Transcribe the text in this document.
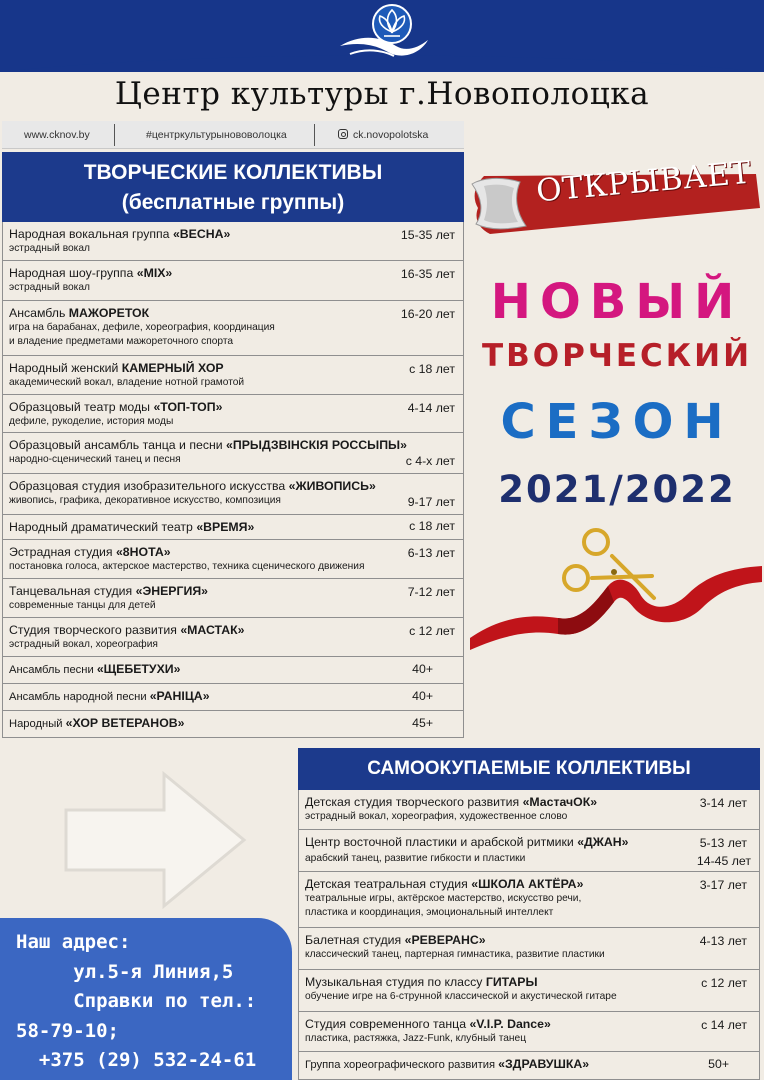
Центр культуры г.Новополоцка
www.cknov.by	#центркультурынововолоцка	ck.novopolotska
ТВОРЧЕСКИЕ КОЛЛЕКТИВЫ
(бесплатные группы)
Народная вокальная группа «ВЕСНА»
эстрадный вокал
15-35 лет
Народная шоу-группа «MIX»
эстрадный вокал
16-35 лет
Ансамбль МАЖОРЕТОК
игра на барабанах, дефиле, хореография, координация
и владение предметами мажореточного спорта
16-20 лет
Народный женский КАМЕРНЫЙ ХОР
академический вокал, владение нотной грамотой
с 18 лет
Образцовый театр моды «ТОП-ТОП»
дефиле, рукоделие, история моды
4-14 лет
Образцовый ансамбль танца и песни «ПРЫДЗВІНСКІЯ РОССЫПЫ»
народно-сценический танец и песня	с 4-х лет
Образцовая студия изобразительного искусства «ЖИВОПИСЬ»
живопись, графика, декоративное искусство, композиция	9-17 лет
Народный драматический театр «ВРЕМЯ»	с 18 лет
Эстрадная студия «8НОТА»
постановка голоса, актерское мастерство, техника сценического движения
6-13 лет
Танцевальная студия «ЭНЕРГИЯ»
современные танцы для детей
7-12 лет
Студия творческого развития «МАСТАК»
эстрадный вокал, хореография
с 12 лет
Ансамбль песни «ЩЕБЕТУХИ»	40+
Ансамбль народной песни «РАНІЦА»	40+
Народный «ХОР ВЕТЕРАНОВ»	45+
ОТКРЫВАЕТ
НОВЫЙ
ТВОРЧЕСКИЙ
СЕЗОН
2021/2022
Наш адрес:
ул.5-я Линия,5
Справки по тел.:
58-79-10;
+375 (29) 532-24-61
САМООКУПАЕМЫЕ КОЛЛЕКТИВЫ
Детская студия творческого развития «МастачОК»
эстрадный вокал, хореография, художественное слово
3-14 лет
Центр восточной пластики и арабской ритмики «ДЖАН»
арабский танец, развитие гибкости и пластики
5-13 лет
14-45 лет
Детская театральная студия «ШКОЛА АКТЁРА»
театральные игры, актёрское мастерство, искусство речи,
пластика и координация, эмоциональный интеллект
3-17 лет
Балетная студия «РЕВЕРАНС»
классический танец, партерная гимнастика, развитие пластики
4-13 лет
Музыкальная студия по классу ГИТАРЫ
обучение игре на 6-струнной классической и акустической гитаре
с 12 лет
Студия современного танца «V.I.P. Dance»
пластика, растяжка, Jazz-Funk, клубный танец
с 14 лет
Группа хореографического развития «ЗДРАВУШКА»	50+
